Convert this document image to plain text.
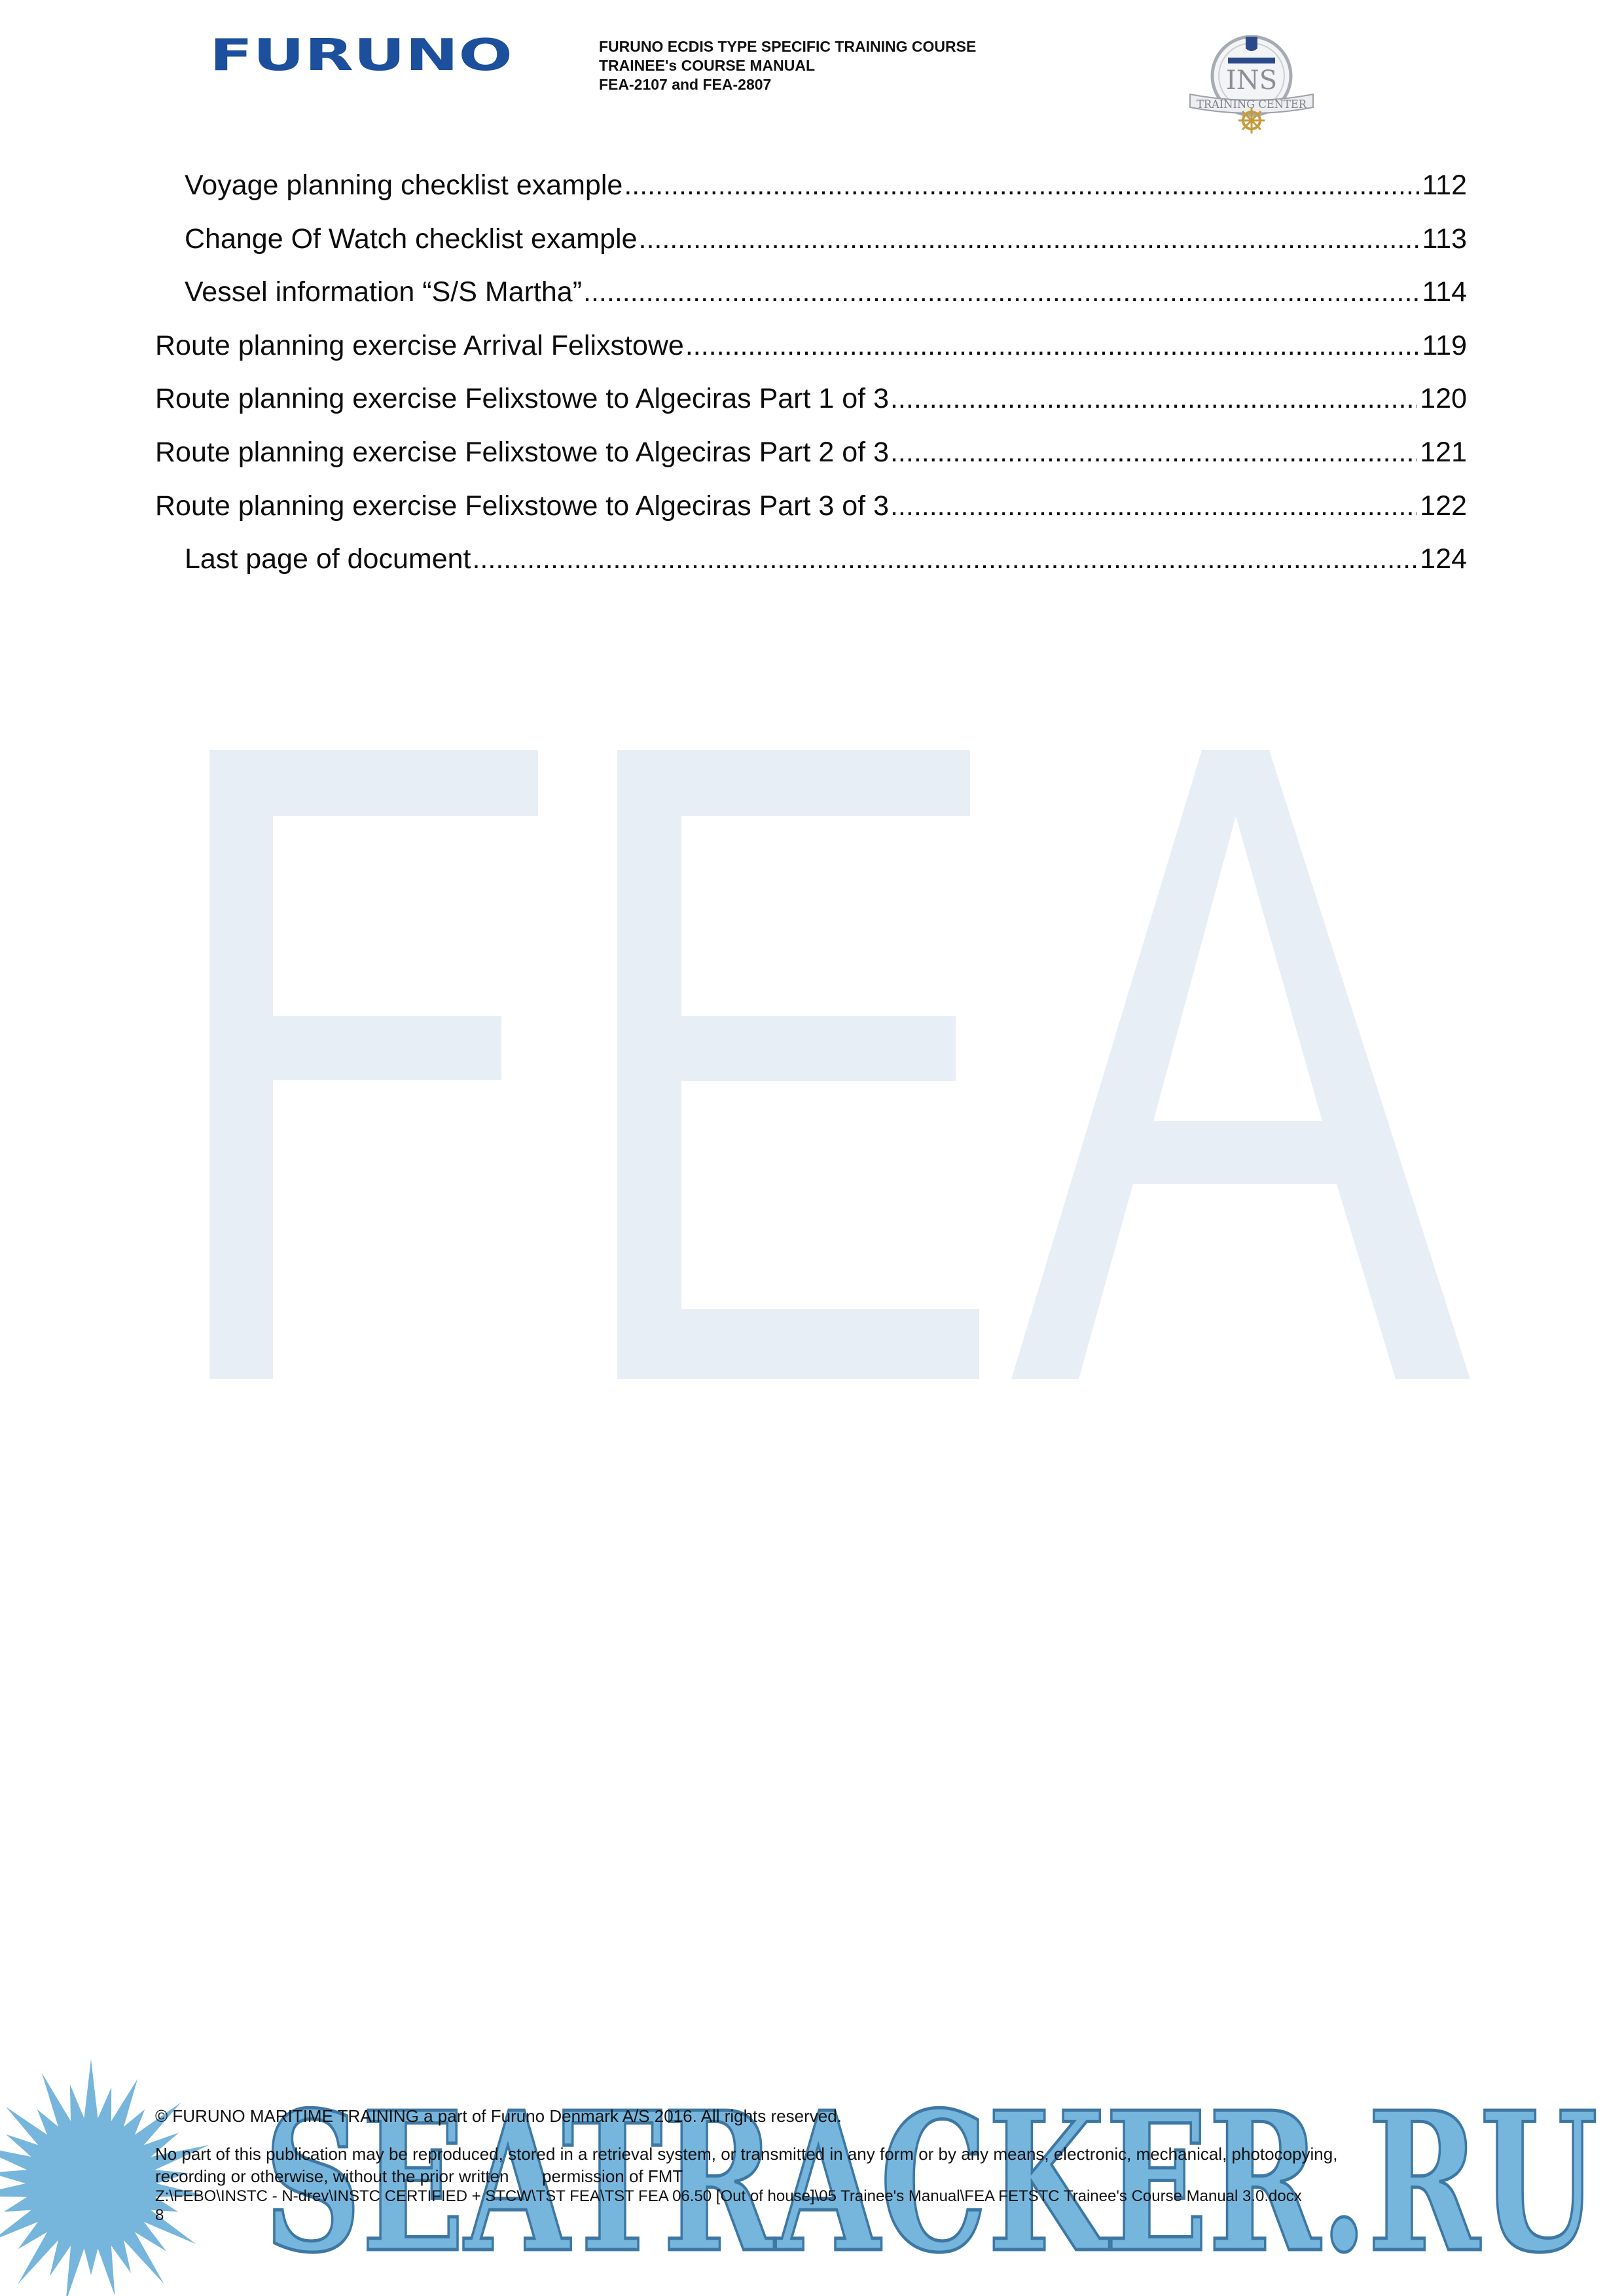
FURUNO	FURUNO ECDIS TYPE SPECIFIC TRAINING COURSE
TRAINEE's COURSE MANUAL
FEA-2107 and FEA-2807	INS
TRAINING CENTER
Voyage planning checklist example .....	112
Change Of Watch checklist example .....	113
Vessel information “S/S Martha” .....	114
Route planning exercise Arrival Felixstowe .....	119
Route planning exercise Felixstowe to Algeciras Part 1 of 3 .....	120
Route planning exercise Felixstowe to Algeciras Part 2 of 3 .....	121
Route planning exercise Felixstowe to Algeciras Part 3 of 3 .....	122
Last page of document .....	124
SEATRACKER.RU
© FURUNO MARITIME TRAINING a part of Furuno Denmark A/S 2016. All rights reserved.
No part of this publication may be reproduced, stored in a retrieval system, or transmitted in any form or by any means, electronic, mechanical, photocopying,
recording or otherwise, without the prior written       permission of FMT
Z:\FEBO\INSTC - N-drev\INSTC CERTIFIED + STCW\TST FEA\TST FEA 06.50 [Out of house]\05 Trainee's Manual\FEA FETSTC Trainee's Course Manual 3.0.docx
8
